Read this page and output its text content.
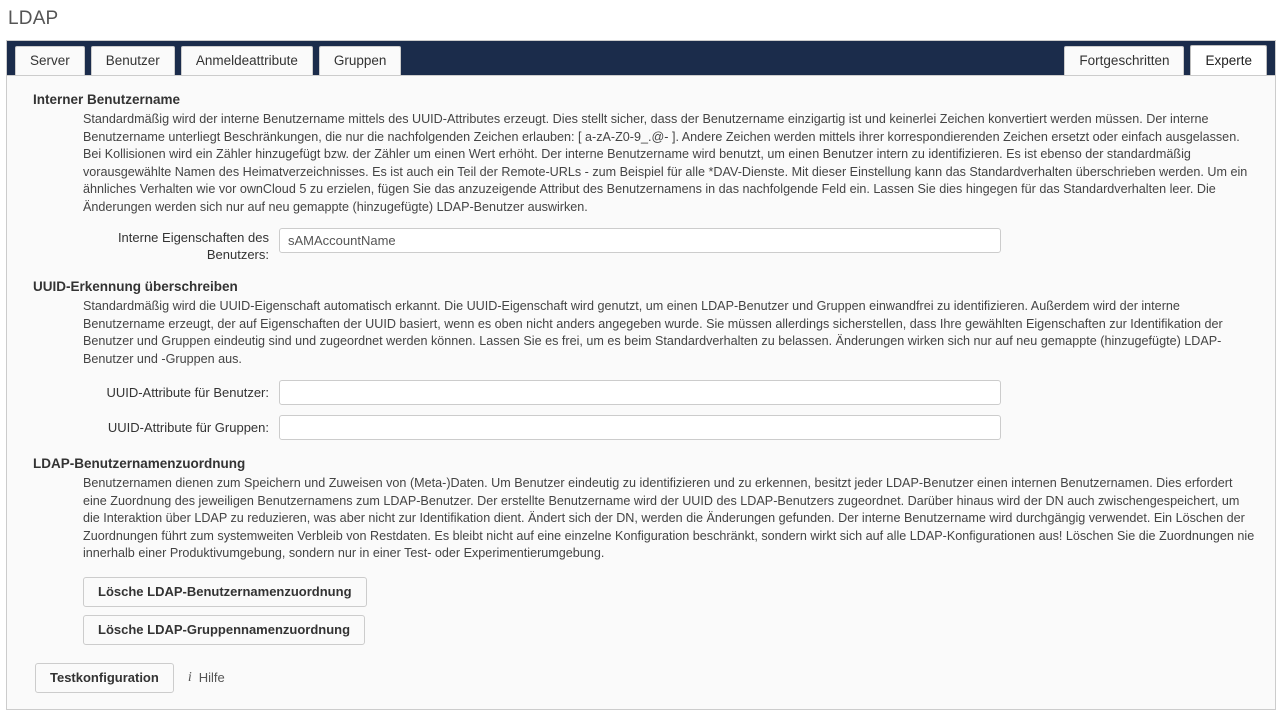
LDAP
Server	Benutzer	Anmeldeattribute	Gruppen	Fortgeschritten	Experte
Interner Benutzername
Standardmäßig wird der interne Benutzername mittels des UUID-Attributes erzeugt. Dies stellt sicher, dass der Benutzername einzigartig ist und keinerlei Zeichen konvertiert werden müssen. Der interne Benutzername unterliegt Beschränkungen, die nur die nachfolgenden Zeichen erlauben: [ a-zA-Z0-9_.@- ]. Andere Zeichen werden mittels ihrer korrespondierenden Zeichen ersetzt oder einfach ausgelassen. Bei Kollisionen wird ein Zähler hinzugefügt bzw. der Zähler um einen Wert erhöht. Der interne Benutzername wird benutzt, um einen Benutzer intern zu identifizieren. Es ist ebenso der standardmäßig vorausgewählte Namen des Heimatverzeichnisses. Es ist auch ein Teil der Remote-URLs - zum Beispiel für alle *DAV-Dienste. Mit dieser Einstellung kann das Standardverhalten überschrieben werden. Um ein ähnliches Verhalten wie vor ownCloud 5 zu erzielen, fügen Sie das anzuzeigende Attribut des Benutzernamens in das nachfolgende Feld ein. Lassen Sie dies hingegen für das Standardverhalten leer. Die Änderungen werden sich nur auf neu gemappte (hinzugefügte) LDAP-Benutzer auswirken.
Interne Eigenschaften des Benutzers:
sAMAccountName
UUID-Erkennung überschreiben
Standardmäßig wird die UUID-Eigenschaft automatisch erkannt. Die UUID-Eigenschaft wird genutzt, um einen LDAP-Benutzer und Gruppen einwandfrei zu identifizieren. Außerdem wird der interne Benutzername erzeugt, der auf Eigenschaften der UUID basiert, wenn es oben nicht anders angegeben wurde. Sie müssen allerdings sicherstellen, dass Ihre gewählten Eigenschaften zur Identifikation der Benutzer und Gruppen eindeutig sind und zugeordnet werden können. Lassen Sie es frei, um es beim Standardverhalten zu belassen. Änderungen wirken sich nur auf neu gemappte (hinzugefügte) LDAP-Benutzer und -Gruppen aus.
UUID-Attribute für Benutzer:
UUID-Attribute für Gruppen:
LDAP-Benutzernamenzuordnung
Benutzernamen dienen zum Speichern und Zuweisen von (Meta-)Daten. Um Benutzer eindeutig zu identifizieren und zu erkennen, besitzt jeder LDAP-Benutzer einen internen Benutzernamen. Dies erfordert eine Zuordnung des jeweiligen Benutzernamens zum LDAP-Benutzer. Der erstellte Benutzername wird der UUID des LDAP-Benutzers zugeordnet. Darüber hinaus wird der DN auch zwischengespeichert, um die Interaktion über LDAP zu reduzieren, was aber nicht zur Identifikation dient. Ändert sich der DN, werden die Änderungen gefunden. Der interne Benutzername wird durchgängig verwendet. Ein Löschen der Zuordnungen führt zum systemweiten Verbleib von Restdaten. Es bleibt nicht auf eine einzelne Konfiguration beschränkt, sondern wirkt sich auf alle LDAP-Konfigurationen aus! Löschen Sie die Zuordnungen nie innerhalb einer Produktivumgebung, sondern nur in einer Test- oder Experimentierumgebung.
Lösche LDAP-Benutzernamenzuordnung
Lösche LDAP-Gruppennamenzuordnung
Testkonfiguration	i Hilfe
